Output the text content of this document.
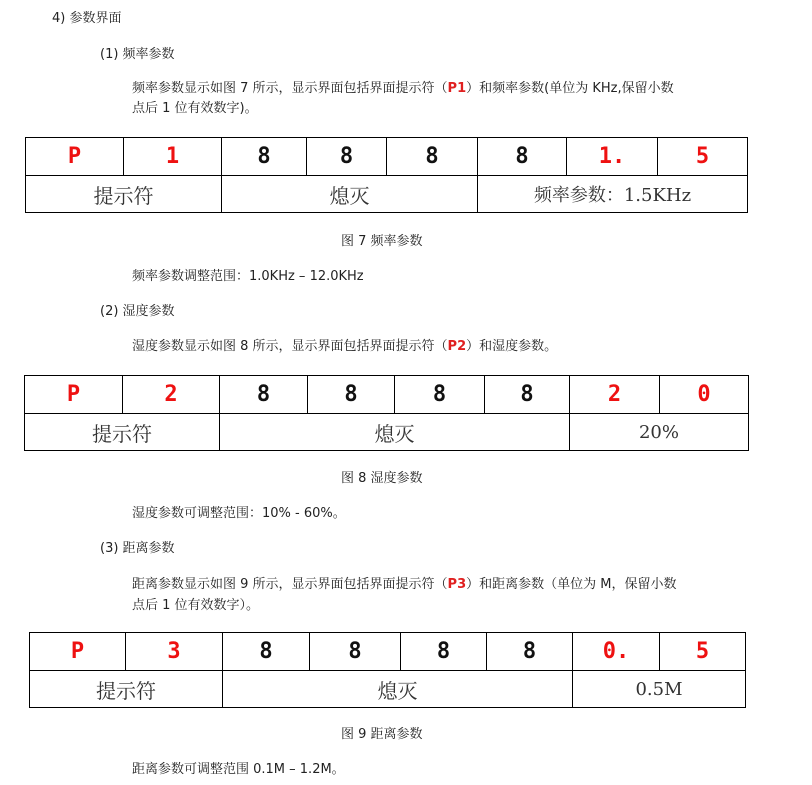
4) 参数界面
(1) 频率参数
频率参数显示如图 7 所示，显示界面包括界面提示符（P1）和频率参数(单位为 KHz,保留小数
点后 1 位有效数字)。
P	1	8	8	8	8	1.	5
提示符		熄灭			频率参数：1.5KHz		
图 7 频率参数
频率参数调整范围：1.0KHz – 12.0KHz
(2) 湿度参数
湿度参数显示如图 8 所示，显示界面包括界面提示符（P2）和湿度参数。
P	2	8	8	8	8	2	0
提示符		熄灭				20%	
图 8 湿度参数
湿度参数可调整范围：10% - 60%。
(3) 距离参数
距离参数显示如图 9 所示，显示界面包括界面提示符（P3）和距离参数（单位为 M，保留小数
点后 1 位有效数字）。
P	3	8	8	8	8	0.	5
提示符		熄灭				0.5M	
图 9 距离参数
距离参数可调整范围 0.1M – 1.2M。
